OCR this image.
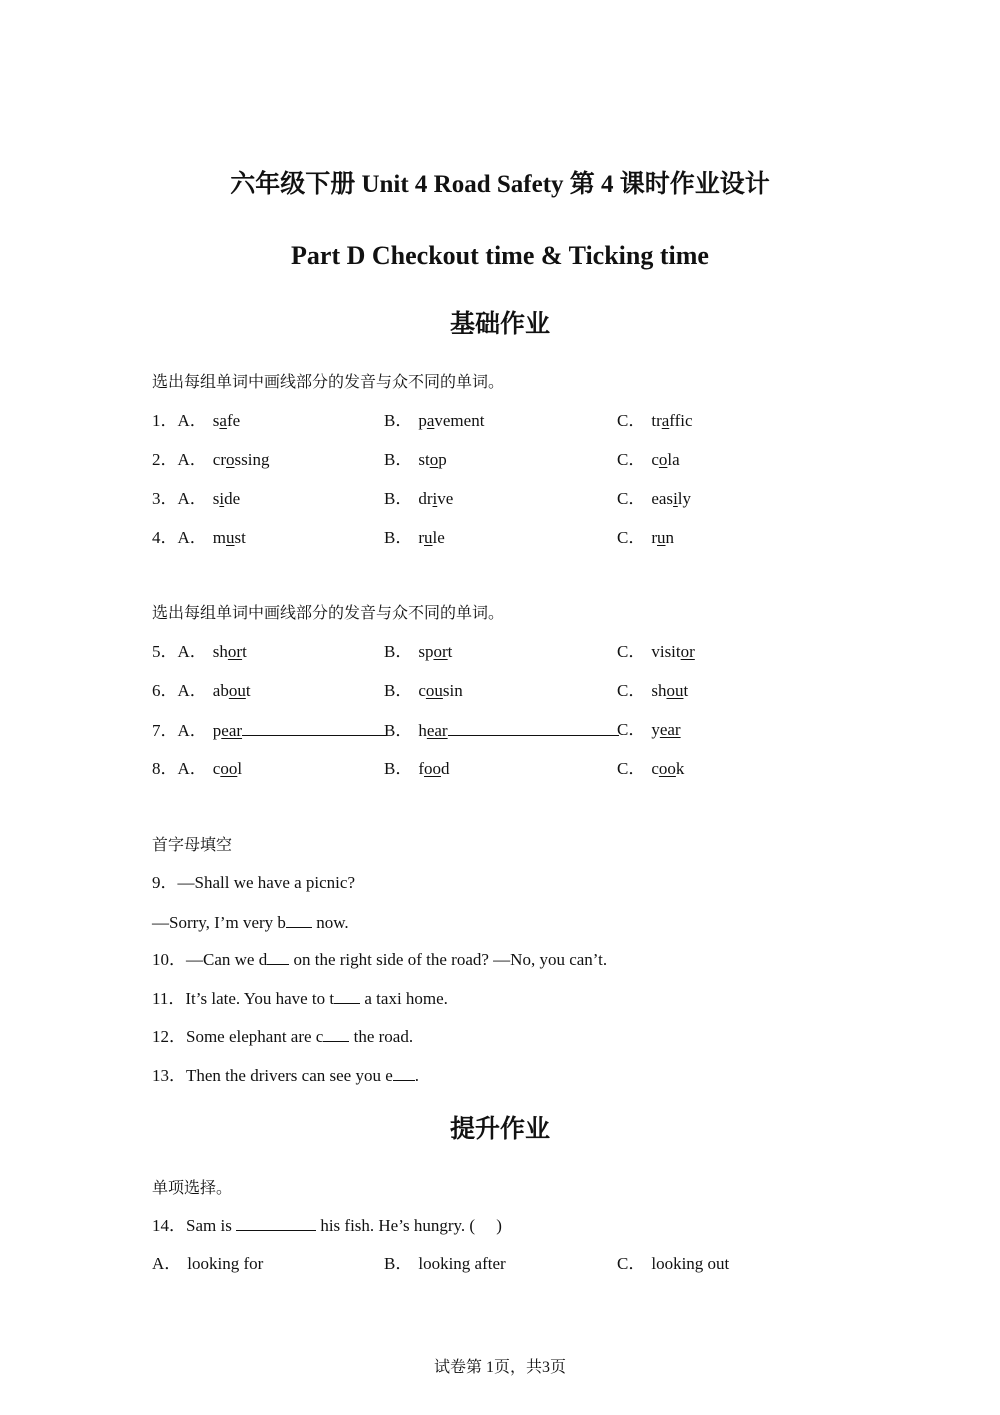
六年级下册 Unit 4 Road Safety 第 4 课时作业设计
Part D Checkout time & Ticking time
基础作业
选出每组单词中画线部分的发音与众不同的单词。
1．A． safe	B． pavement	C． traffic
2．A． crossing	B． stop	C． cola
3．A． side	B． drive	C． easily
4．A． must	B． rule	C． run
选出每组单词中画线部分的发音与众不同的单词。
5．A． short	B． sport	C． visitor
6．A． about	B． cousin	C． shout
7．A． pear	B． hear	C． year
8．A． cool	B． food	C． cook
首字母填空
9．—Shall we have a picnic?
—Sorry, I’m very b now.
10．—Can we d on the right side of the road? —No, you can’t.
11．It’s late. You have to t a taxi home.
12．Some elephant are c the road.
13．Then the drivers can see you e .
提升作业
单项选择。
14．Sam is	his fish. He’s hungry. (　 )
A． looking for	B． looking after	C． looking out
试卷第 1页，共3页
